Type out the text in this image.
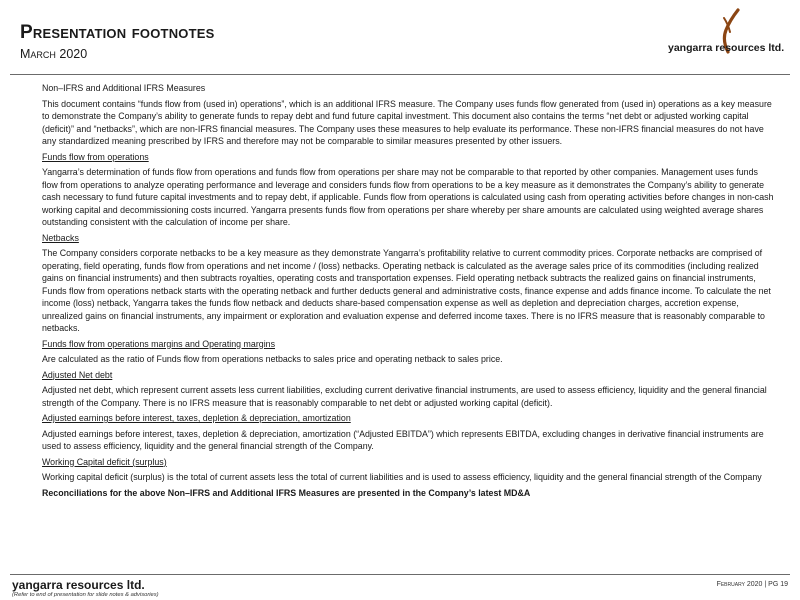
Presentation footnotes
March 2020	yangarra resources ltd.

Non–IFRS and Additional IFRS Measures

This document contains “funds flow from (used in) operations”, which is an additional IFRS measure. The Company uses funds flow generated from (used in) operations as a key measure to demonstrate the Company’s ability to generate funds to repay debt and fund future capital investment. This document also contains the terms “net debt or adjusted working capital (deficit)” and “netbacks”, which are non-IFRS financial measures. The Company uses these measures to help evaluate its performance. These non-IFRS financial measures do not have any standardized meaning prescribed by IFRS and therefore may not be comparable to similar measures presented by other issuers.

Funds flow from operations

Yangarra’s determination of funds flow from operations and funds flow from operations per share may not be comparable to that reported by other companies. Management uses funds flow from operations to analyze operating performance and leverage and considers funds flow from operations to be a key measure as it demonstrates the Company’s ability to generate cash necessary to fund future capital investments and to repay debt, if applicable. Funds flow from operations is calculated using cash from operating activities before changes in non-cash working capital and decommissioning costs incurred. Yangarra presents funds flow from operations per share whereby per share amounts are calculated using weighted average shares outstanding consistent with the calculation of income per share.

Netbacks

The Company considers corporate netbacks to be a key measure as they demonstrate Yangarra’s profitability relative to current commodity prices. Corporate netbacks are comprised of operating, field operating, funds flow from operations and net income / (loss) netbacks. Operating netback is calculated as the average sales price of its commodities (including realized gains on financial instruments) and then subtracts royalties, operating costs and transportation expenses. Field operating netback subtracts the realized gains on financial instruments, Funds flow from operations netback starts with the operating netback and further deducts general and administrative costs, finance expense and adds finance income. To calculate the net income (loss) netback, Yangarra takes the funds flow netback and deducts share-based compensation expense as well as depletion and depreciation charges, accretion expense, unrealized gains on financial instruments, any impairment or exploration and evaluation expense and deferred income taxes. There is no IFRS measure that is reasonably comparable to netbacks.

Funds flow from operations margins and Operating margins

Are calculated as the ratio of Funds flow from operations netbacks to sales price and operating netback to sales price.

Adjusted Net debt

Adjusted net debt, which represent current assets less current liabilities, excluding current derivative financial instruments, are used to assess efficiency, liquidity and the general financial strength of the Company. There is no IFRS measure that is reasonably comparable to net debt or adjusted working capital (deficit).

Adjusted earnings before interest, taxes, depletion & depreciation, amortization

Adjusted earnings before interest, taxes, depletion & depreciation, amortization (“Adjusted EBITDA”) which represents EBITDA, excluding changes in derivative financial instruments are used to assess efficiency, liquidity and the general financial strength of the Company.

Working Capital deficit (surplus)

Working capital deficit (surplus) is the total of current assets less the total of current liabilities and is used to assess efficiency, liquidity and the general financial strength of the Company

Reconciliations for the above Non–IFRS and Additional IFRS Measures are presented in the Company’s latest MD&A

yangarra resources ltd.
(Refer to end of presentation for slide notes & advisories)
February 2020 | PG 19
